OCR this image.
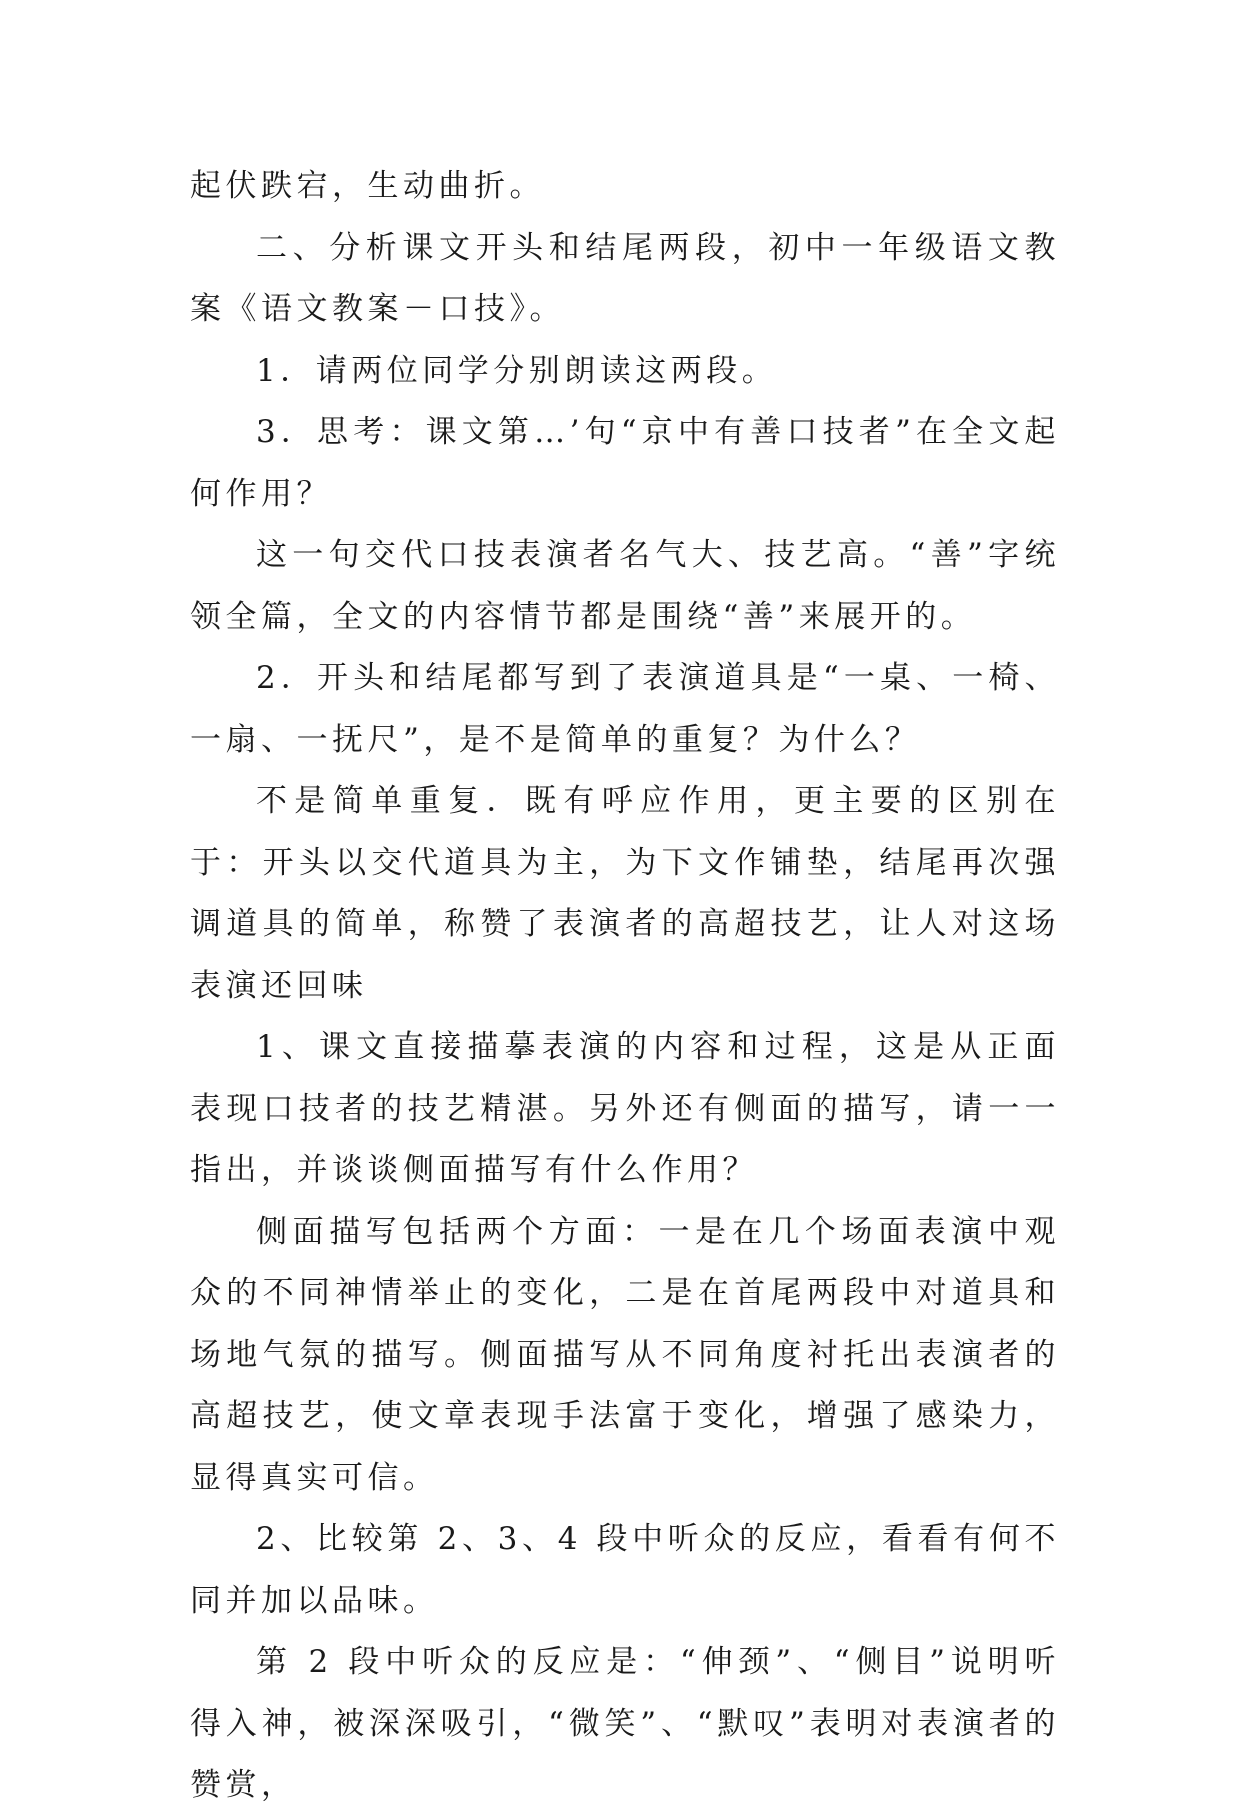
起伏跌宕，生动曲折。

二、分析课文开头和结尾两段，初中一年级语文教案《语文教案－口技》。

1．请两位同学分别朗读这两段。

3．思考：课文第…’句“京中有善口技者”在全文起何作用？

这一句交代口技表演者名气大、技艺高。“善”字统领全篇，全文的内容情节都是围绕“善”来展开的。

2．开头和结尾都写到了表演道具是“一桌、一椅、一扇、一抚尺”，是不是简单的重复？为什么？

不是简单重复．既有呼应作用，更主要的区别在于：开头以交代道具为主，为下文作铺垫，结尾再次强调道具的简单，称赞了表演者的高超技艺，让人对这场表演还回味

1、课文直接描摹表演的内容和过程，这是从正面表现口技者的技艺精湛。另外还有侧面的描写，请一一指出，并谈谈侧面描写有什么作用？

侧面描写包括两个方面：一是在几个场面表演中观众的不同神情举止的变化，二是在首尾两段中对道具和场地气氛的描写。侧面描写从不同角度衬托出表演者的高超技艺，使文章表现手法富于变化，增强了感染力，显得真实可信。

2、比较第 2、3、4 段中听众的反应，看看有何不同并加以品味。

第 2 段中听众的反应是：“伸颈”、“侧目”说明听得入神，被深深吸引，“微笑”、“默叹”表明对表演者的赞赏，
